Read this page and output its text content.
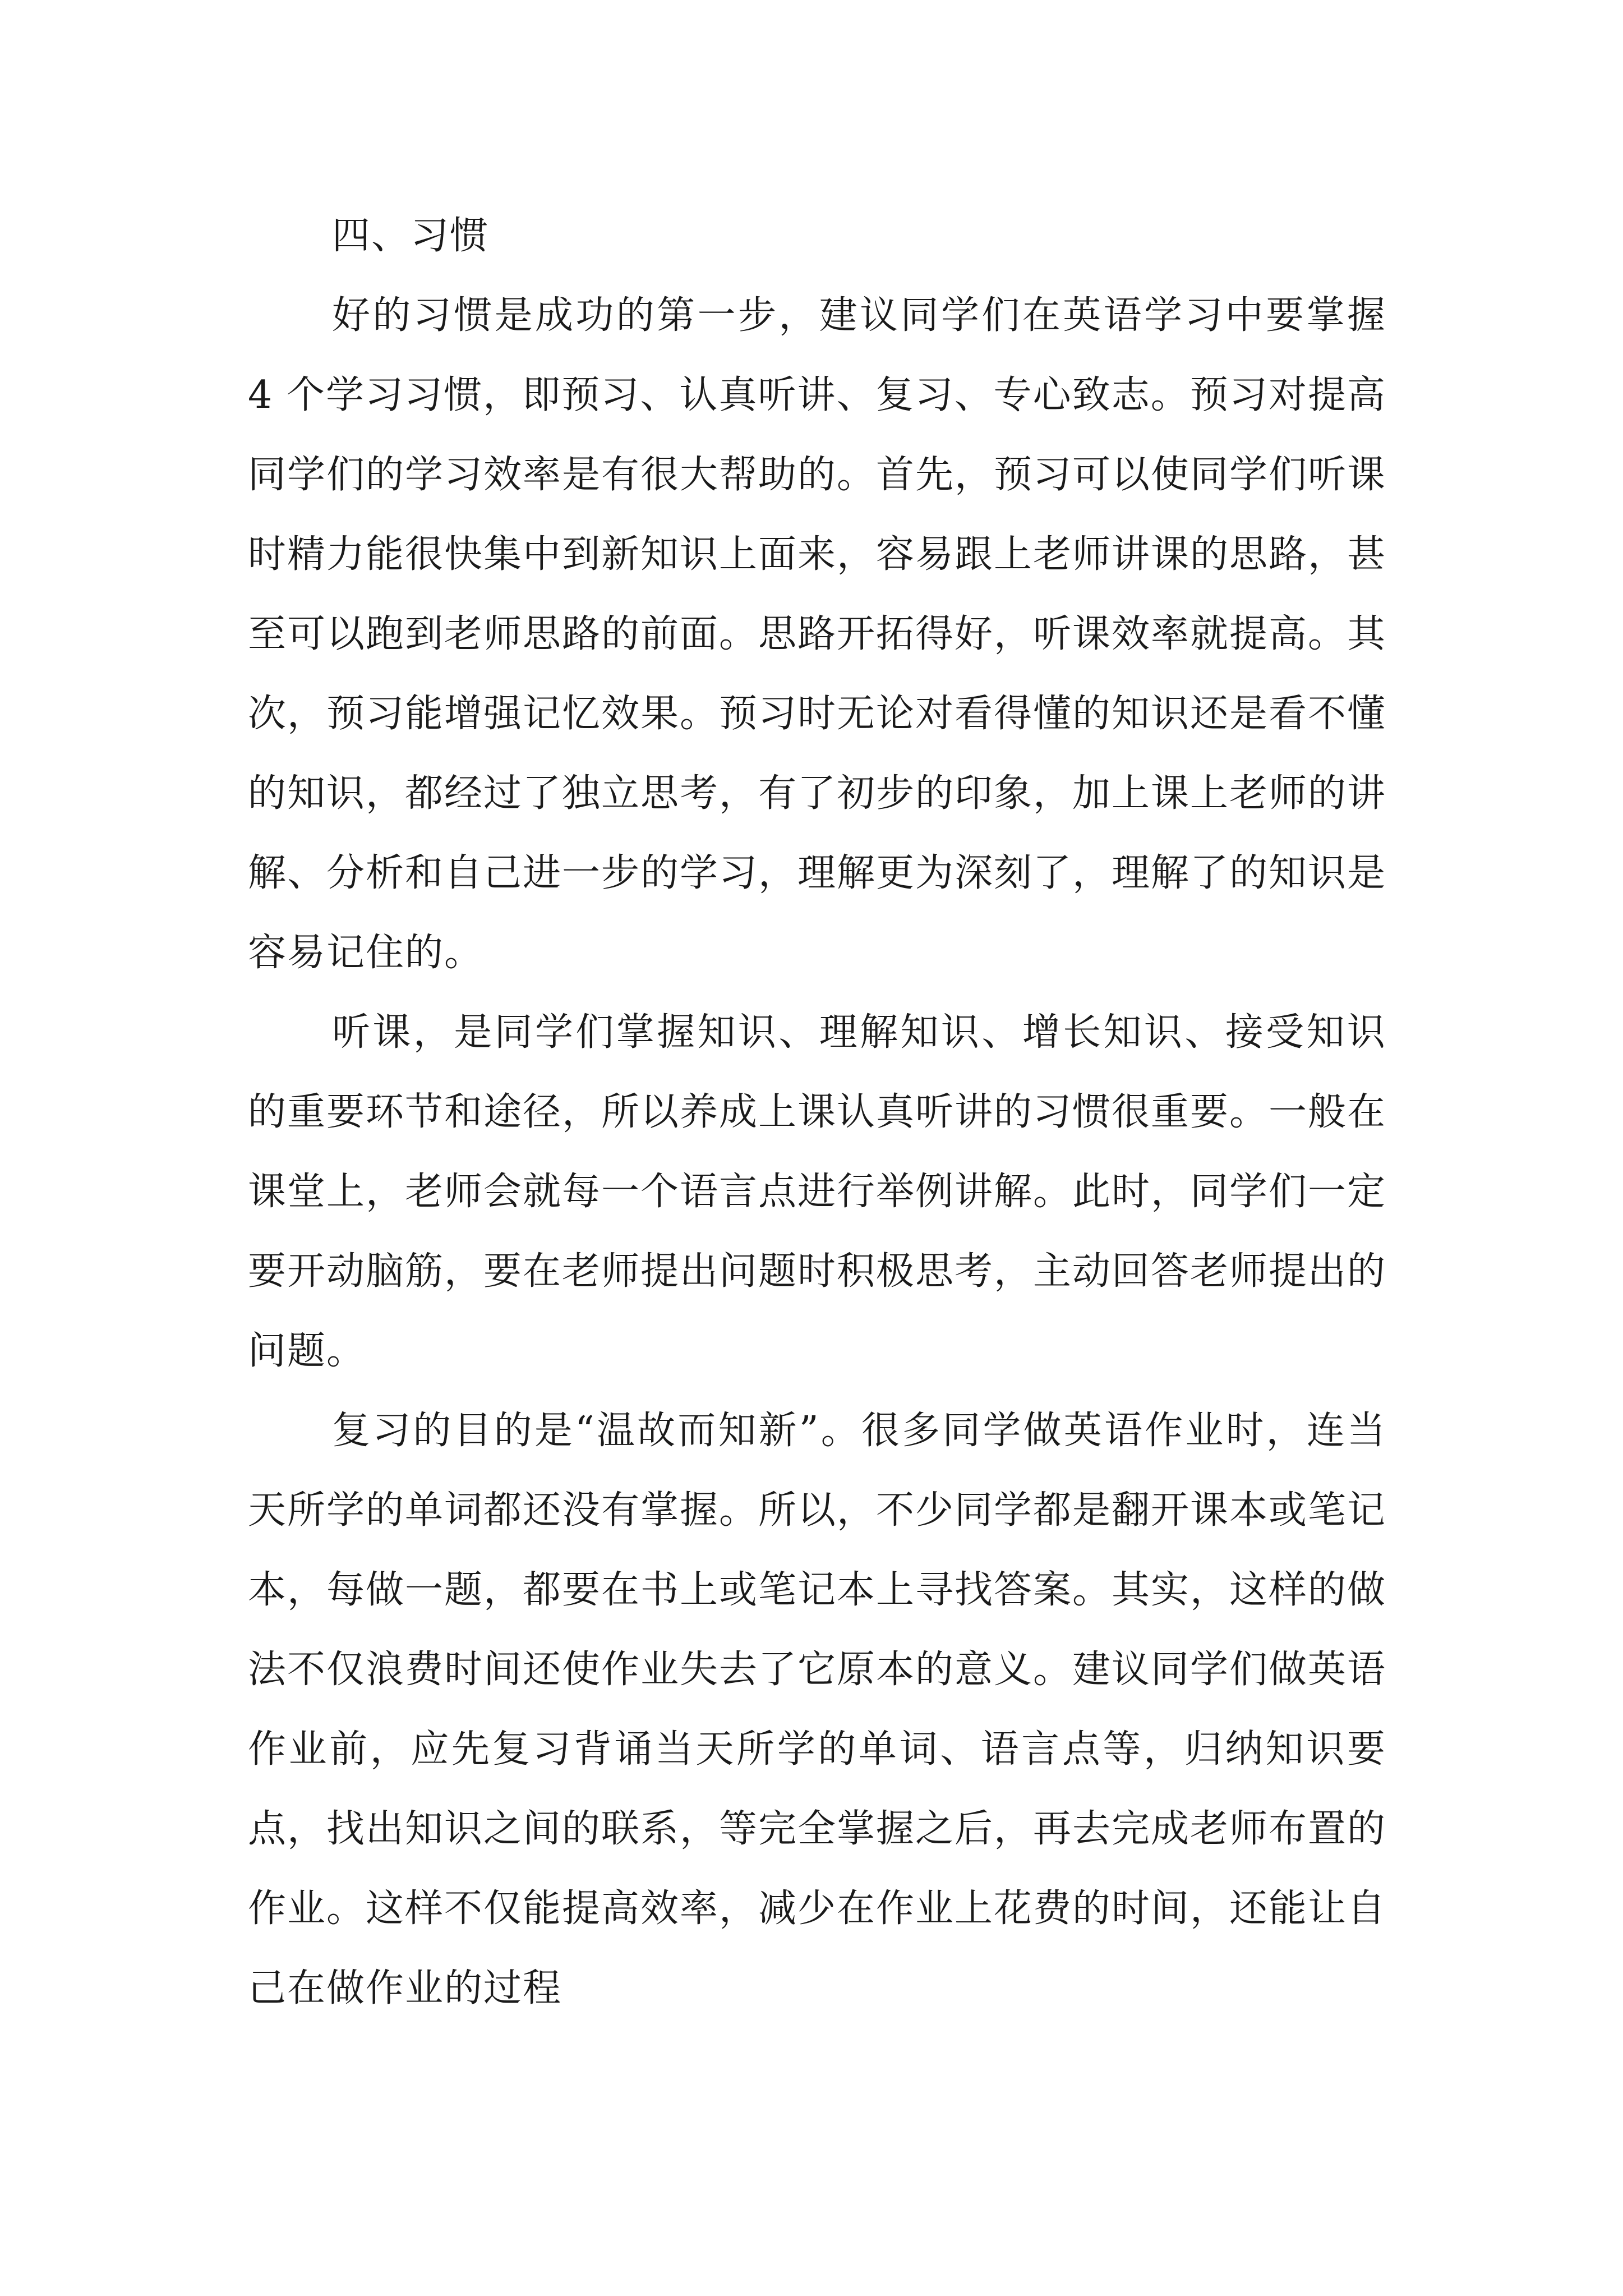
四、习惯

好的习惯是成功的第一步，建议同学们在英语学习中要掌握 4 个学习习惯，即预习、认真听讲、复习、专心致志。预习对提高同学们的学习效率是有很大帮助的。首先，预习可以使同学们听课时精力能很快集中到新知识上面来，容易跟上老师讲课的思路，甚至可以跑到老师思路的前面。思路开拓得好，听课效率就提高。其次，预习能增强记忆效果。预习时无论对看得懂的知识还是看不懂的知识，都经过了独立思考，有了初步的印象，加上课上老师的讲解、分析和自己进一步的学习，理解更为深刻了，理解了的知识是容易记住的。

听课，是同学们掌握知识、理解知识、增长知识、接受知识的重要环节和途径，所以养成上课认真听讲的习惯很重要。一般在课堂上，老师会就每一个语言点进行举例讲解。此时，同学们一定要开动脑筋，要在老师提出问题时积极思考，主动回答老师提出的问题。

复习的目的是“温故而知新”。很多同学做英语作业时，连当天所学的单词都还没有掌握。所以，不少同学都是翻开课本或笔记本，每做一题，都要在书上或笔记本上寻找答案。其实，这样的做法不仅浪费时间还使作业失去了它原本的意义。建议同学们做英语作业前，应先复习背诵当天所学的单词、语言点等，归纳知识要点，找出知识之间的联系，等完全掌握之后，再去完成老师布置的作业。这样不仅能提高效率，减少在作业上花费的时间，还能让自己在做作业的过程
